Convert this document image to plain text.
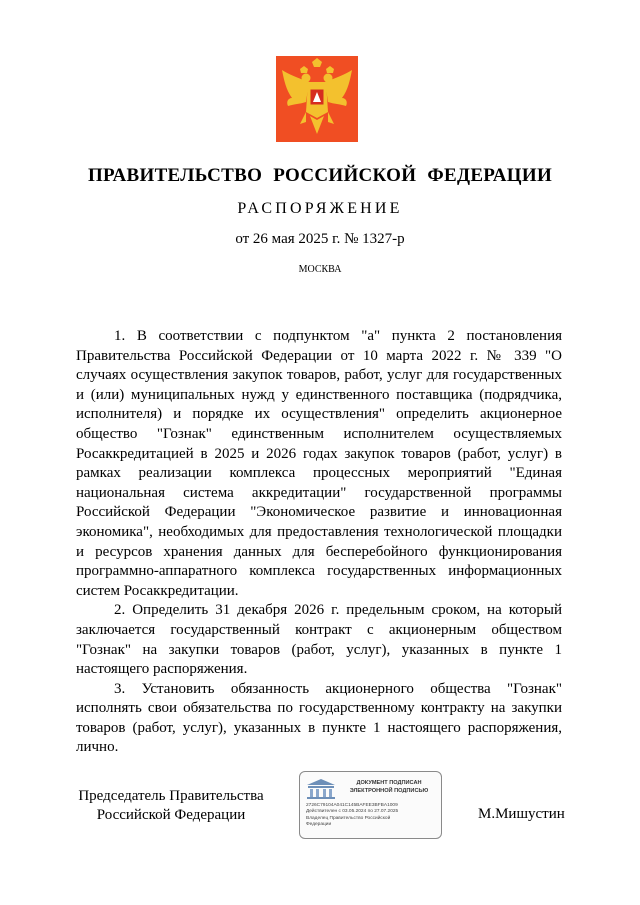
ПРАВИТЕЛЬСТВО РОССИЙСКОЙ ФЕДЕРАЦИИ
РАСПОРЯЖЕНИЕ
от 26 мая 2025 г. № 1327-р
МОСКВА

1. В соответствии с подпунктом "а" пункта 2 постановления Правительства Российской Федерации от 10 марта 2022 г. № 339 "О случаях осуществления закупок товаров, работ, услуг для государственных и (или) муниципальных нужд у единственного поставщика (подрядчика, исполнителя) и порядке их осуществления" определить акционерное общество "Гознак" единственным исполнителем осуществляемых Росаккредитацией в 2025 и 2026 годах закупок товаров (работ, услуг) в рамках реализации комплекса процессных мероприятий "Единая национальная система аккредитации" государственной программы Российской Федерации "Экономическое развитие и инновационная экономика", необходимых для предоставления технологической площадки и ресурсов хранения данных для бесперебойного функционирования программно-аппаратного комплекса государственных информационных систем Росаккредитации.

2. Определить 31 декабря 2026 г. предельным сроком, на который заключается государственный контракт с акционерным обществом "Гознак" на закупки товаров (работ, услуг), указанных в пункте 1 настоящего распоряжения.

3. Установить обязанность акционерного общества "Гознак" исполнять свои обязательства по государственному контракту на закупки товаров (работ, услуг), указанных в пункте 1 настоящего распоряжения, лично.

Председатель Правительства
Российской Федерации
ДОКУМЕНТ ПОДПИСАН
ЭЛЕКТРОННОЙ ПОДПИСЬЮ
2726C79104A041C145BAFEE3BFBA1009
Действителен с 03.05.2024 по 27.07.2025
Владелец Правительство Российской
Федерации
М.Мишустин
